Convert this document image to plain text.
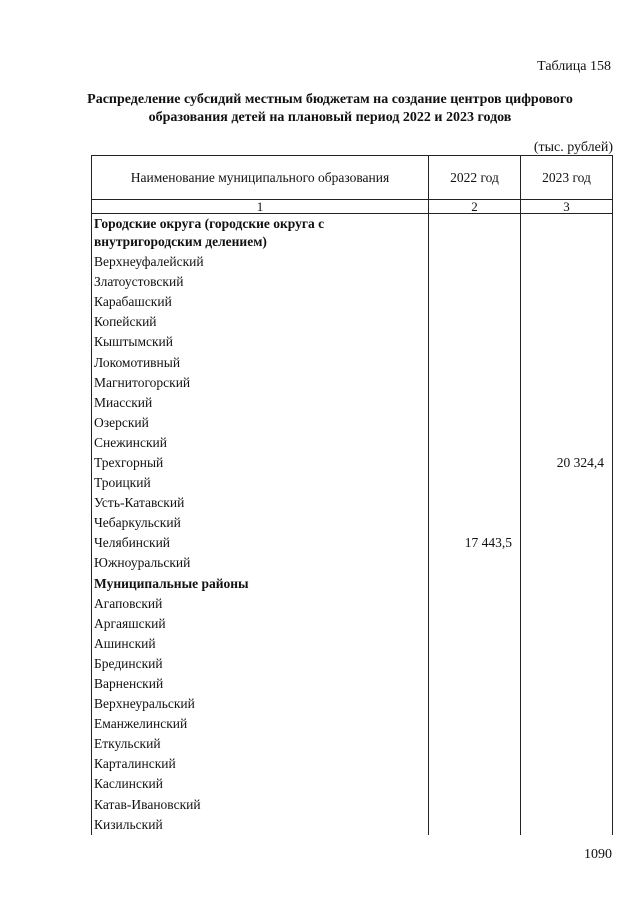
Таблица 158
Распределение субсидий местным бюджетам на создание центров цифрового образования детей на плановый период 2022 и 2023 годов
(тыс. рублей)
Наименование муниципального образования	2022 год	2023 год
1	2	3
Городские округа (городские округа с внутригородским делением)		
Верхнеуфалейский		
Златоустовский		
Карабашский		
Копейский		
Кыштымский		
Локомотивный		
Магнитогорский		
Миасский		
Озерский		
Снежинский		
Трехгорный		20 324,4
Троицкий		
Усть-Катавский		
Чебаркульский		
Челябинский	17 443,5	
Южноуральский		
Муниципальные районы		
Агаповский		
Аргаяшский		
Ашинский		
Брединский		
Варненский		
Верхнеуральский		
Еманжелинский		
Еткульский		
Карталинский		
Каслинский		
Катав-Ивановский		
Кизильский		
1090
